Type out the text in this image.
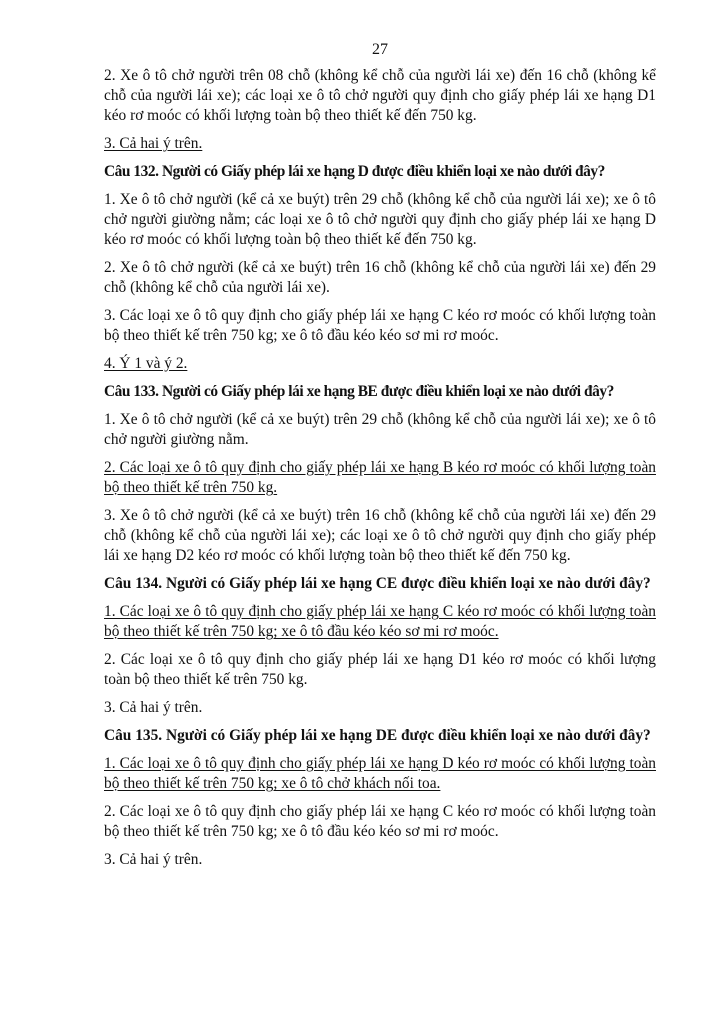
27

2. Xe ô tô chở người trên 08 chỗ (không kể chỗ của người lái xe) đến 16 chỗ (không kể chỗ của người lái xe); các loại xe ô tô chở người quy định cho giấy phép lái xe hạng D1 kéo rơ moóc có khối lượng toàn bộ theo thiết kế đến 750 kg.

3. Cả hai ý trên.

Câu 132. Người có Giấy phép lái xe hạng D được điều khiển loại xe nào dưới đây?

1. Xe ô tô chở người (kể cả xe buýt) trên 29 chỗ (không kể chỗ của người lái xe); xe ô tô chở người giường nằm; các loại xe ô tô chở người quy định cho giấy phép lái xe hạng D kéo rơ moóc có khối lượng toàn bộ theo thiết kế đến 750 kg.

2. Xe ô tô chở người (kể cả xe buýt) trên 16 chỗ (không kể chỗ của người lái xe) đến 29 chỗ (không kể chỗ của người lái xe).

3. Các loại xe ô tô quy định cho giấy phép lái xe hạng C kéo rơ moóc có khối lượng toàn bộ theo thiết kế trên 750 kg; xe ô tô đầu kéo kéo sơ mi rơ moóc.

4. Ý 1 và ý 2.

Câu 133. Người có Giấy phép lái xe hạng BE được điều khiển loại xe nào dưới đây?

1. Xe ô tô chở người (kể cả xe buýt) trên 29 chỗ (không kể chỗ của người lái xe); xe ô tô chở người giường nằm.

2. Các loại xe ô tô quy định cho giấy phép lái xe hạng B kéo rơ moóc có khối lượng toàn bộ theo thiết kế trên 750 kg.

3. Xe ô tô chở người (kể cả xe buýt) trên 16 chỗ (không kể chỗ của người lái xe) đến 29 chỗ (không kể chỗ của người lái xe); các loại xe ô tô chở người quy định cho giấy phép lái xe hạng D2 kéo rơ moóc có khối lượng toàn bộ theo thiết kế đến 750 kg.

Câu 134. Người có Giấy phép lái xe hạng CE được điều khiển loại xe nào dưới đây?

1. Các loại xe ô tô quy định cho giấy phép lái xe hạng C kéo rơ moóc có khối lượng toàn bộ theo thiết kế trên 750 kg; xe ô tô đầu kéo kéo sơ mi rơ moóc.

2. Các loại xe ô tô quy định cho giấy phép lái xe hạng D1 kéo rơ moóc có khối lượng toàn bộ theo thiết kế trên 750 kg.

3. Cả hai ý trên.

Câu 135. Người có Giấy phép lái xe hạng DE được điều khiển loại xe nào dưới đây?

1. Các loại xe ô tô quy định cho giấy phép lái xe hạng D kéo rơ moóc có khối lượng toàn bộ theo thiết kế trên 750 kg; xe ô tô chở khách nối toa.

2. Các loại xe ô tô quy định cho giấy phép lái xe hạng C kéo rơ moóc có khối lượng toàn bộ theo thiết kế trên 750 kg; xe ô tô đầu kéo kéo sơ mi rơ moóc.

3. Cả hai ý trên.
